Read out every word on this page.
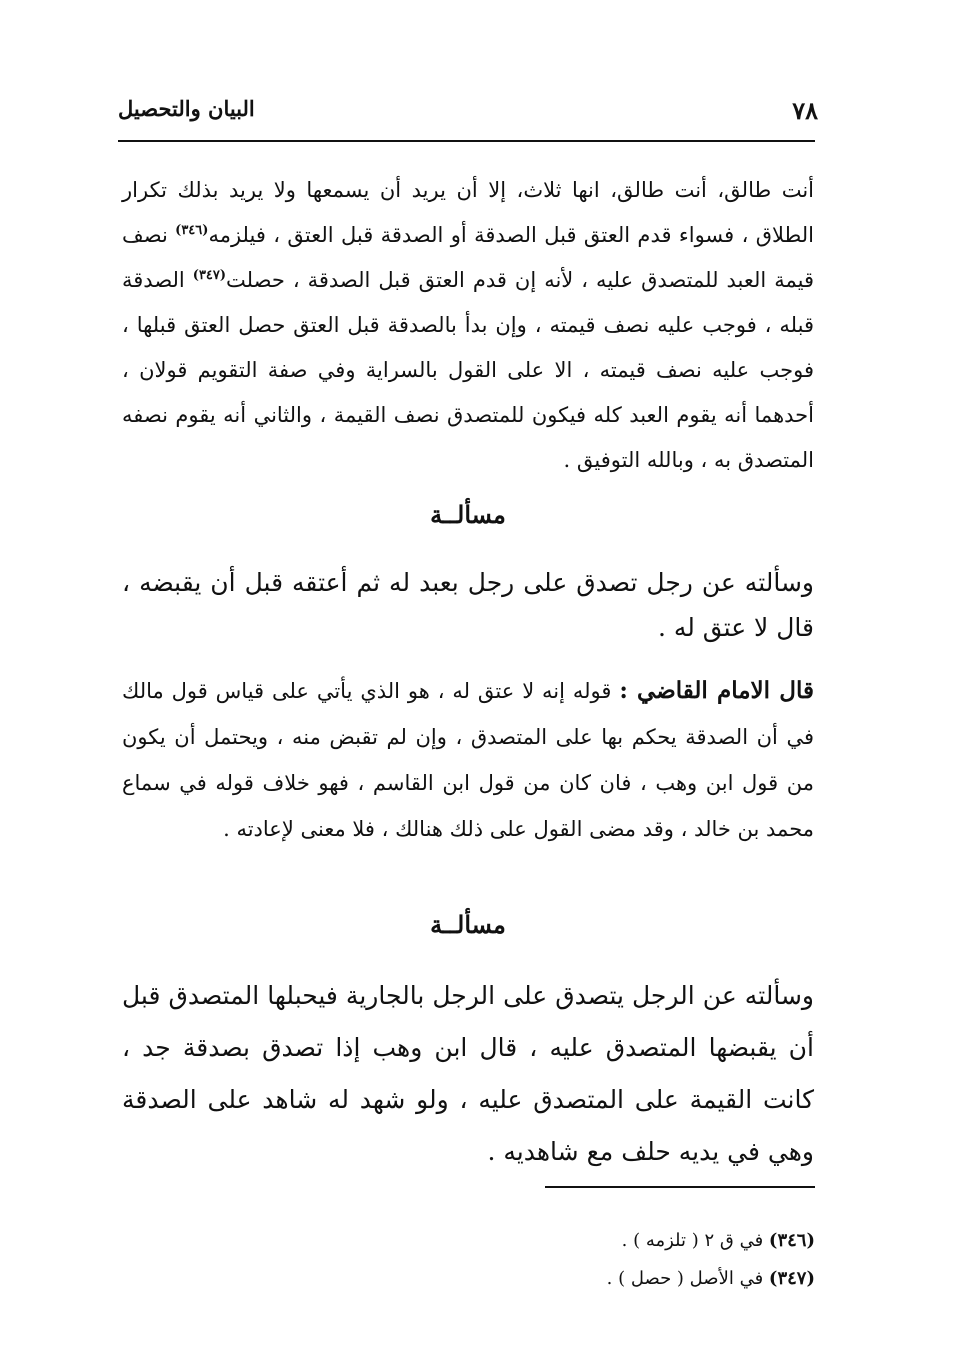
٧٨
البيان والتحصيل

أنت طالق، أنت طالق، انها ثلاث، إلا أن يريد أن يسمعها ولا يريد بذلك تكرار الطلاق ، فسواء قدم العتق قبل الصدقة أو الصدقة قبل العتق ، فيلزمه$^{(٣٤٦)}$ نصف قيمة العبد للمتصدق عليه ، لأنه إن قدم العتق قبل الصدقة ، حصلت$^{(٣٤٧)}$ الصدقة قبله ، فوجب عليه نصف قيمته ، وإن بدأ بالصدقة قبل العتق حصل العتق قبلها ، فوجب عليه نصف قيمته ، الا على القول بالسراية وفي صفة التقويم قولان ، أحدهما أنه يقوم العبد كله فيكون للمتصدق نصف القيمة ، والثاني أنه يقوم نصفه المتصدق به ، وبالله التوفيق .

مسألــة

وسألته عن رجل تصدق على رجل بعبد له ثم أعتقه قبل أن يقبضه ، قال لا عتق له .

قال الامام القاضي : قوله إنه لا عتق له ، هو الذي يأتي على قياس قول مالك في أن الصدقة يحكم بها على المتصدق ، وإن لم تقبض منه ، ويحتمل أن يكون من قول ابن وهب ، فان كان من قول ابن القاسم ، فهو خلاف قوله في سماع محمد بن خالد ، وقد مضى القول على ذلك هنالك ، فلا معنى لإعادته .

مسألــة

وسألته عن الرجل يتصدق على الرجل بالجارية فيحبلها المتصدق قبل أن يقبضها المتصدق عليه ، قال ابن وهب إذا تصدق بصدقة جد ، كانت القيمة على المتصدق عليه ، ولو شهد له شاهد على الصدقة وهي في يديه حلف مع شاهديه .

(٣٤٦) في ق ٢ ( تلزمه ) .
(٣٤٧) في الأصل ( حصل ) .
